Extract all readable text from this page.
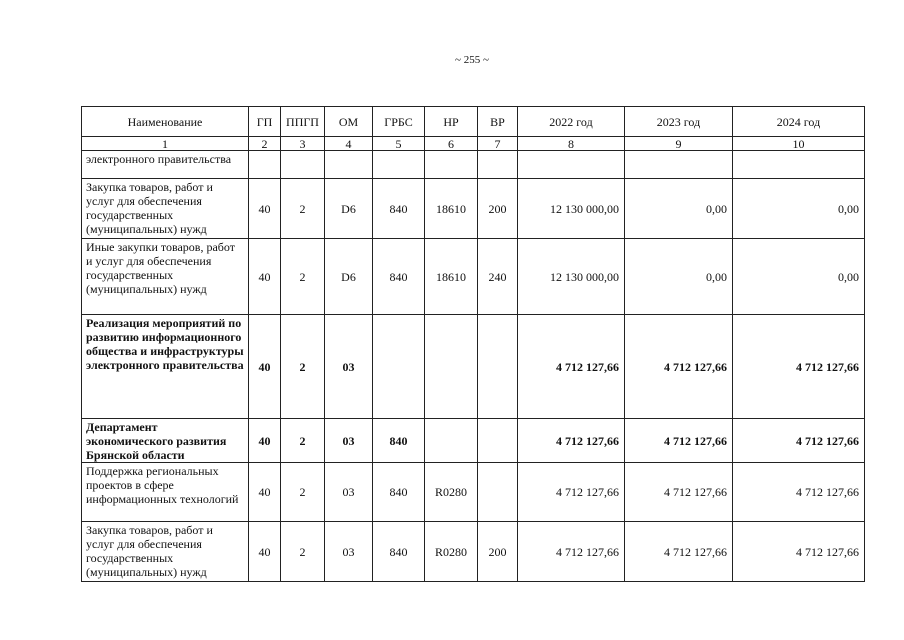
~ 255 ~
Наименование	ГП	ППГП	ОМ	ГРБС	НР	ВР	2022 год	2023 год	2024 год
1	2	3	4	5	6	7	8	9	10
электронного правительства									
Закупка товаров, работ и услуг для обеспечения государственных (муниципальных) нужд	40	2	D6	840	18610	200	12 130 000,00	0,00	0,00
Иные закупки товаров, работ и услуг для обеспечения государственных (муниципальных) нужд	40	2	D6	840	18610	240	12 130 000,00	0,00	0,00
Реализация мероприятий по развитию информационного общества и инфраструктуры электронного правительства	40	2	03				4 712 127,66	4 712 127,66	4 712 127,66
Департамент экономического развития Брянской области	40	2	03	840			4 712 127,66	4 712 127,66	4 712 127,66
Поддержка региональных проектов в сфере информационных технологий	40	2	03	840	R0280		4 712 127,66	4 712 127,66	4 712 127,66
Закупка товаров, работ и услуг для обеспечения государственных (муниципальных) нужд	40	2	03	840	R0280	200	4 712 127,66	4 712 127,66	4 712 127,66
